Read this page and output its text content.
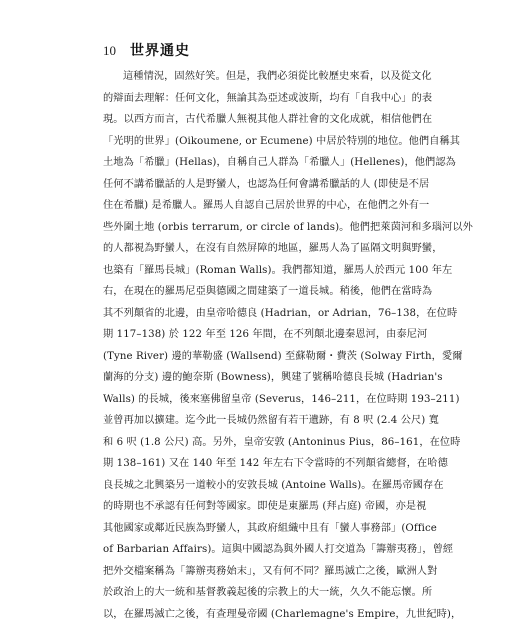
10 世界通史
這種情況，固然好笑。但是，我們必須從比較歷史來看，以及從文化
的辯面去理解：任何文化，無論其為亞述或波斯，均有「自我中心」的表
現。以西方而言，古代希臘人無視其他人群社會的文化成就，相信他們在
「光明的世界」(Oikoumene, or Ecumene) 中居於特別的地位。他們自稱其
土地為「希臘」(Hellas)，自稱自己人群為「希臘人」(Hellenes)，他們認為
任何不講希臘話的人是野蠻人，也認為任何會講希臘話的人 (即使是不居
住在希臘) 是希臘人。羅馬人自認自己居於世界的中心，在他們之外有一
些外圍土地 (orbis terrarum, or circle of lands)。他們把萊茵河和多瑙河以外
的人都視為野蠻人，在沒有自然屏障的地區，羅馬人為了區隔文明與野蠻，
也築有「羅馬長城」(Roman Walls)。我們都知道，羅馬人於西元 100 年左
右，在現在的羅馬尼亞與德國之間建築了一道長城。稍後，他們在當時為
其不列顛省的北邊，由皇帝哈德良 (Hadrian，or Adrian，76–138，在位時
期 117–138) 於 122 年至 126 年間，在不列顛北邊秦恩河，由泰尼河
(Tyne River) 邊的華勒盛 (Wallsend) 至蘇勒爾・費茨 (Solway Firth，愛爾
蘭海的分支) 邊的鮑奈斯 (Bowness)，興建了號稱哈德良長城 (Hadrian's
Walls) 的長城，後來塞佛留皇帝 (Severus，146–211，在位時期 193–211)
並曾再加以擴建。迄今此一長城仍然留有若干遺跡，有 8 呎 (2.4 公尺) 寬
和 6 呎 (1.8 公尺) 高。另外，皇帝安敦 (Antoninus Pius，86–161，在位時
期 138–161) 又在 140 年至 142 年左右下令當時的不列顛省總督，在哈德
良長城之北興築另一道較小的安敦長城 (Antoine Walls)。在羅馬帝國存在
的時期也不承認有任何對等國家。即使是東羅馬 (拜占庭) 帝國，亦是視
其他國家或鄰近民族為野蠻人，其政府組織中且有「蠻人事務部」(Office
of Barbarian Affairs)。這與中國認為與外國人打交道為「籌辦夷務」，曾經
把外交檔案稱為「籌辦夷務始末」，又有何不同？羅馬滅亡之後，歐洲人對
於政治上的大一統和基督教義起後的宗教上的大一統，久久不能忘懷。所
以，在羅馬滅亡之後，有查理曼帝國 (Charlemagne's Empire，九世紀時)，
